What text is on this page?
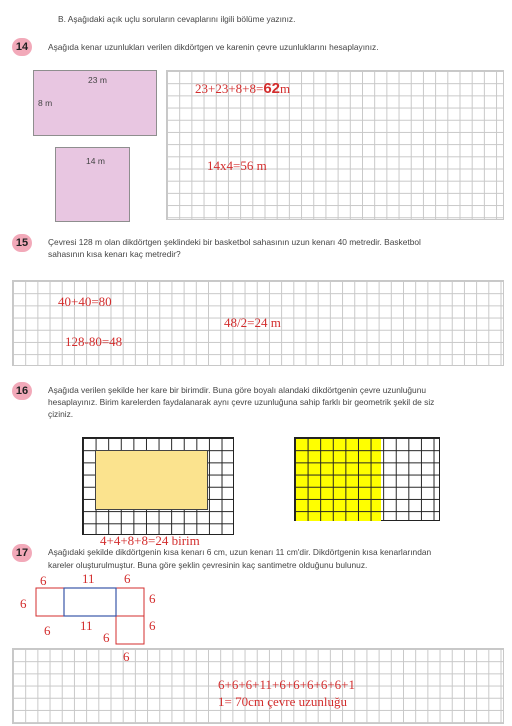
B. Aşağıdaki açık uçlu soruların cevaplarını ilgili bölüme yazınız.
14	Aşağıda kenar uzunlukları verilen dikdörtgen ve karenin çevre uzunluklarını hesaplayınız.
23 m
8 m
14 m
23+23+8+8=62m
14x4=56 m
15	Çevresi 128 m olan dikdörtgen şeklindeki bir basketbol sahasının uzun kenarı 40 metredir. Basketbol
sahasının kısa kenarı kaç metredir?
40+40=80
48/2=24 m
128-80=48
16	Aşağıda verilen şekilde her kare bir birimdir. Buna göre boyalı alandaki dikdörtgenin çevre uzunluğunu
hesaplayınız. Birim karelerden faydalanarak aynı çevre uzunluğuna sahip farklı bir geometrik şekil de siz
çiziniz.
4+4+8+8=24 birim
17	Aşağıdaki şekilde dikdörtgenin kısa kenarı 6 cm, uzun kenarı 11 cm'dir. Dikdörtgenin kısa kenarlarından
kareler oluşturulmuştur. Buna göre şeklin çevresinin kaç santimetre olduğunu bulunuz.
6	11 6
6	6
6 11	6
6
6
6+6+6+11+6+6+6+6+6+1
1= 70cm çevre uzunluğu
